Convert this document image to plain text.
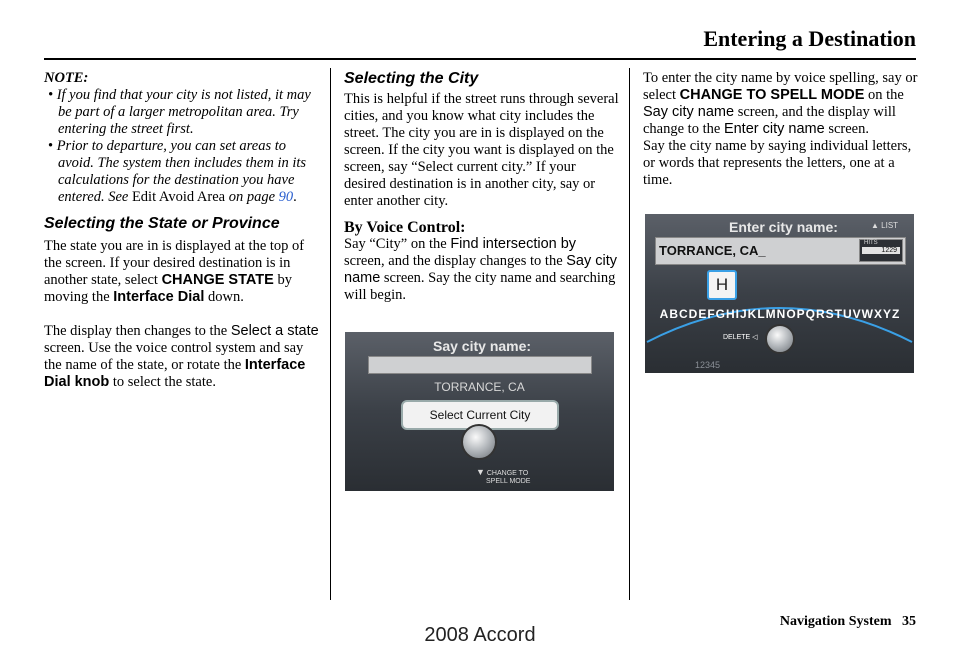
Entering a Destination

NOTE:

• If you find that your city is not listed, it may be part of a larger metropolitan area. Try entering the street first.
• Prior to departure, you can set areas to avoid. The system then includes them in its calculations for the destination you have entered. See Edit Avoid Area on page 90.

Selecting the State or Province

The state you are in is displayed at the top of the screen. If your desired destination is in another state, select CHANGE STATE by moving the Interface Dial down.

The display then changes to the Select a state screen. Use the voice control system and say the name of the state, or rotate the Interface Dial knob to select the state.

Selecting the City

This is helpful if the street runs through several cities, and you know what city includes the street. The city you are in is displayed on the screen. If the city you want is displayed on the screen, say “Select current city.” If your desired destination is in another city, say or enter another city.

By Voice Control:

Say “City” on the Find intersection by screen, and the display changes to the Say city name screen. Say the city name and searching will begin.

Say city name:
TORRANCE, CA
Select Current City
▼ CHANGE TO
SPELL MODE

To enter the city name by voice spelling, say or select CHANGE TO SPELL MODE on the Say city name screen, and the display will change to the Enter city name screen.

Say the city name by saying individual letters, or words that represents the letters, one at a time.

Enter city name:	▲ LIST
TORRANCE, CA_	HITS
1229
H
ABCDEFGHIJKLMNOPQRSTUVWXYZ
DELETE ◁
12345
Navigation System 35
2008 Accord
